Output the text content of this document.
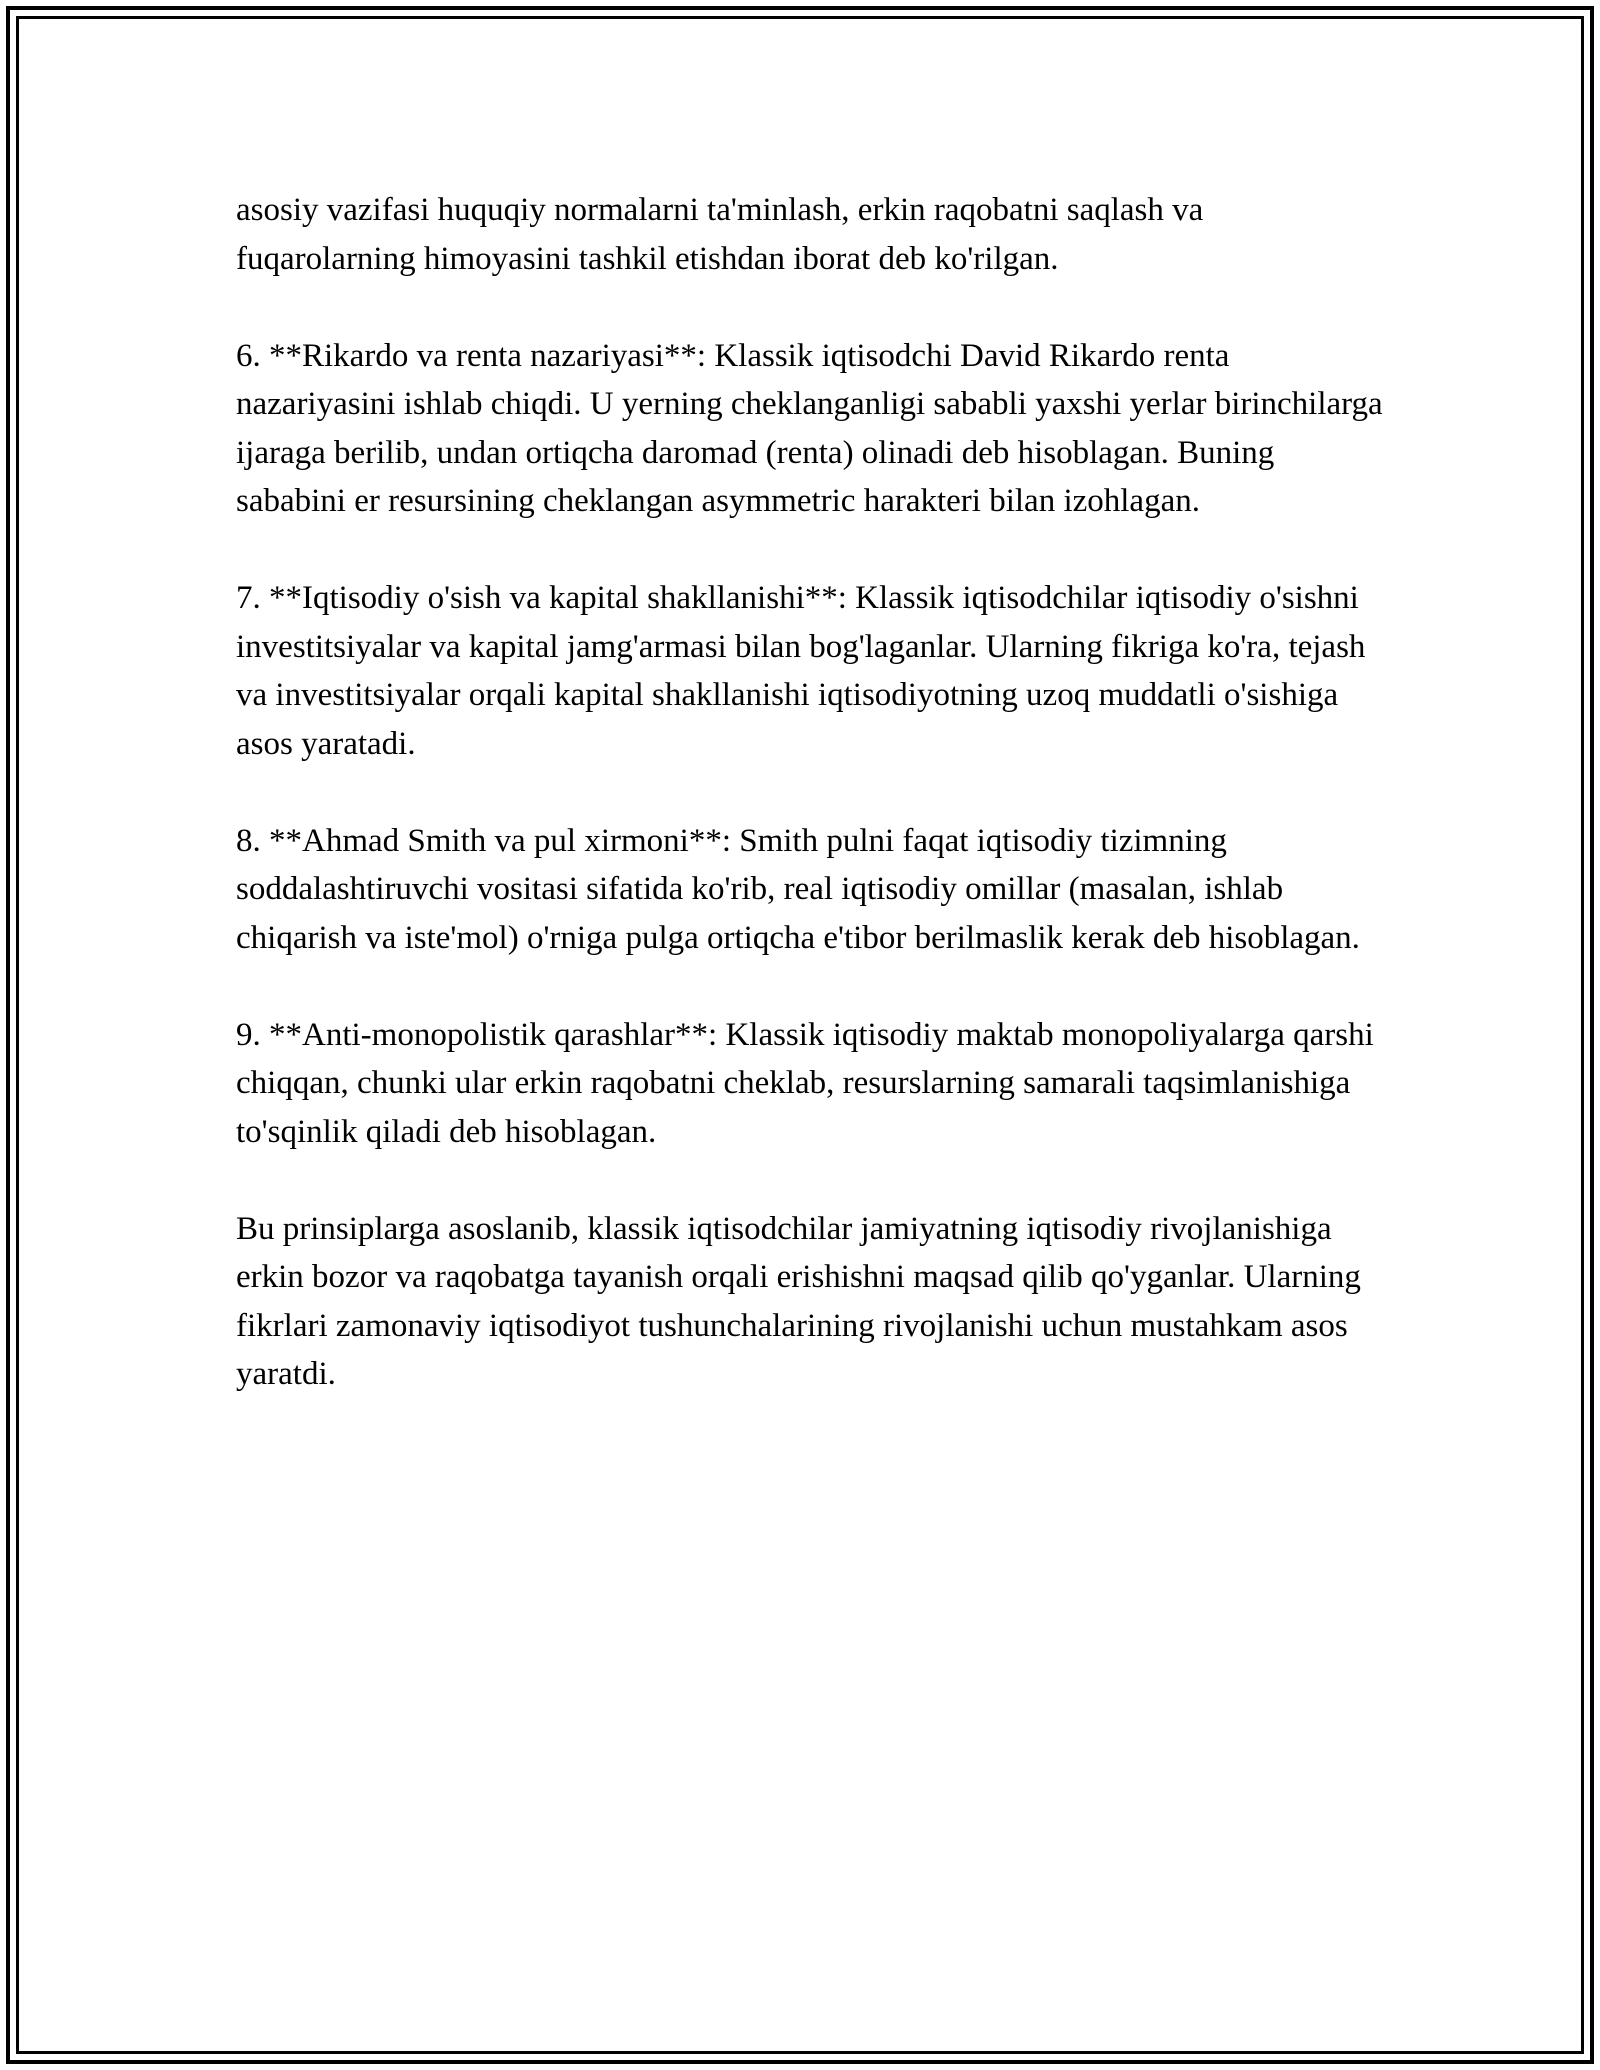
asosiy vazifasi huquqiy normalarni ta'minlash, erkin raqobatni saqlash va fuqarolarning himoyasini tashkil etishdan iborat deb ko'rilgan.

6. **Rikardo va renta nazariyasi**: Klassik iqtisodchi David Rikardo renta nazariyasini ishlab chiqdi. U yerning cheklanganligi sababli yaxshi yerlar birinchilarga ijaraga berilib, undan ortiqcha daromad (renta) olinadi deb hisoblagan. Buning sababini er resursining cheklangan asymmetric harakteri bilan izohlagan.

7. **Iqtisodiy o'sish va kapital shakllanishi**: Klassik iqtisodchilar iqtisodiy o'sishni investitsiyalar va kapital jamg'armasi bilan bog'laganlar. Ularning fikriga ko'ra, tejash va investitsiyalar orqali kapital shakllanishi iqtisodiyotning uzoq muddatli o'sishiga asos yaratadi.

8. **Ahmad Smith va pul xirmoni**: Smith pulni faqat iqtisodiy tizimning soddalashtiruvchi vositasi sifatida ko'rib, real iqtisodiy omillar (masalan, ishlab chiqarish va iste'mol) o'rniga pulga ortiqcha e'tibor berilmaslik kerak deb hisoblagan.

9. **Anti-monopolistik qarashlar**: Klassik iqtisodiy maktab monopoliyalarga qarshi chiqqan, chunki ular erkin raqobatni cheklab, resurslarning samarali taqsimlanishiga to'sqinlik qiladi deb hisoblagan.

Bu prinsiplarga asoslanib, klassik iqtisodchilar jamiyatning iqtisodiy rivojlanishiga erkin bozor va raqobatga tayanish orqali erishishni maqsad qilib qo'yganlar. Ularning fikrlari zamonaviy iqtisodiyot tushunchalarining rivojlanishi uchun mustahkam asos yaratdi.
